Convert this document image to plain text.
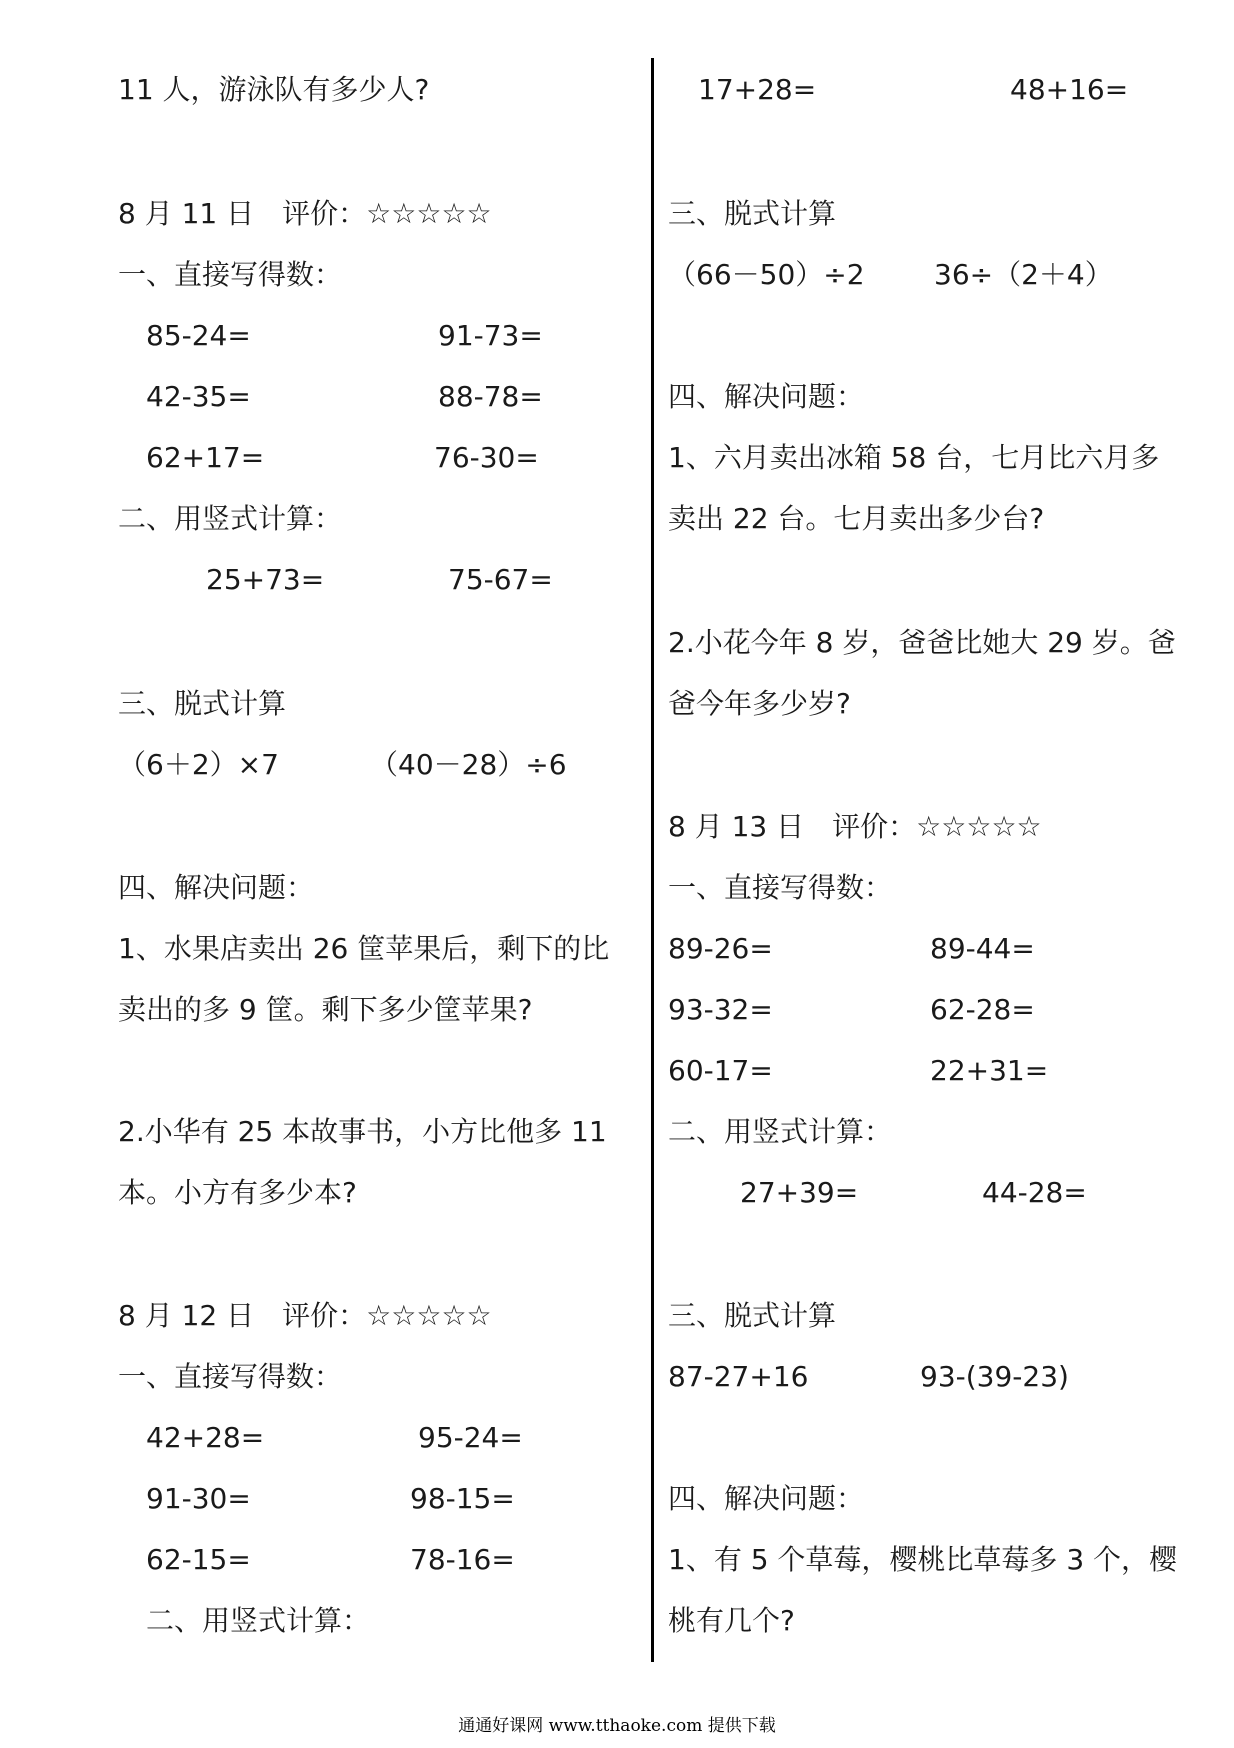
11 人，游泳队有多少人?
8 月 11 日　评价：☆☆☆☆☆
一、直接写得数：
85-24=	91-73=
42-35=	88-78=
62+17=	76-30=
二、用竖式计算：
25+73=	75-67=
三、脱式计算
（6＋2）×7	（40－28）÷6
四、解决问题：
1、水果店卖出 26 筐苹果后，剩下的比
卖出的多 9 筐。剩下多少筐苹果?
2.小华有 25 本故事书，小方比他多 11
本。小方有多少本?
8 月 12 日　评价：☆☆☆☆☆
一、直接写得数：
42+28=	95-24=
91-30=	98-15=
62-15=	78-16=
二、用竖式计算：
17+28=	48+16=
三、脱式计算
（66－50）÷2 36÷（2＋4）
四、解决问题：
1、六月卖出冰箱 58 台，七月比六月多
卖出 22 台。七月卖出多少台?
2.小花今年 8 岁，爸爸比她大 29 岁。爸
爸今年多少岁?
8 月 13 日　评价：☆☆☆☆☆
一、直接写得数：
89-26=	89-44=
93-32=	62-28=
60-17=	22+31=
二、用竖式计算：
27+39=	44-28=
三、脱式计算
87-27+16	93-(39-23)
四、解决问题：
1、有 5 个草莓，樱桃比草莓多 3 个，樱
桃有几个?
通通好课网 www.tthaoke.com 提供下载
